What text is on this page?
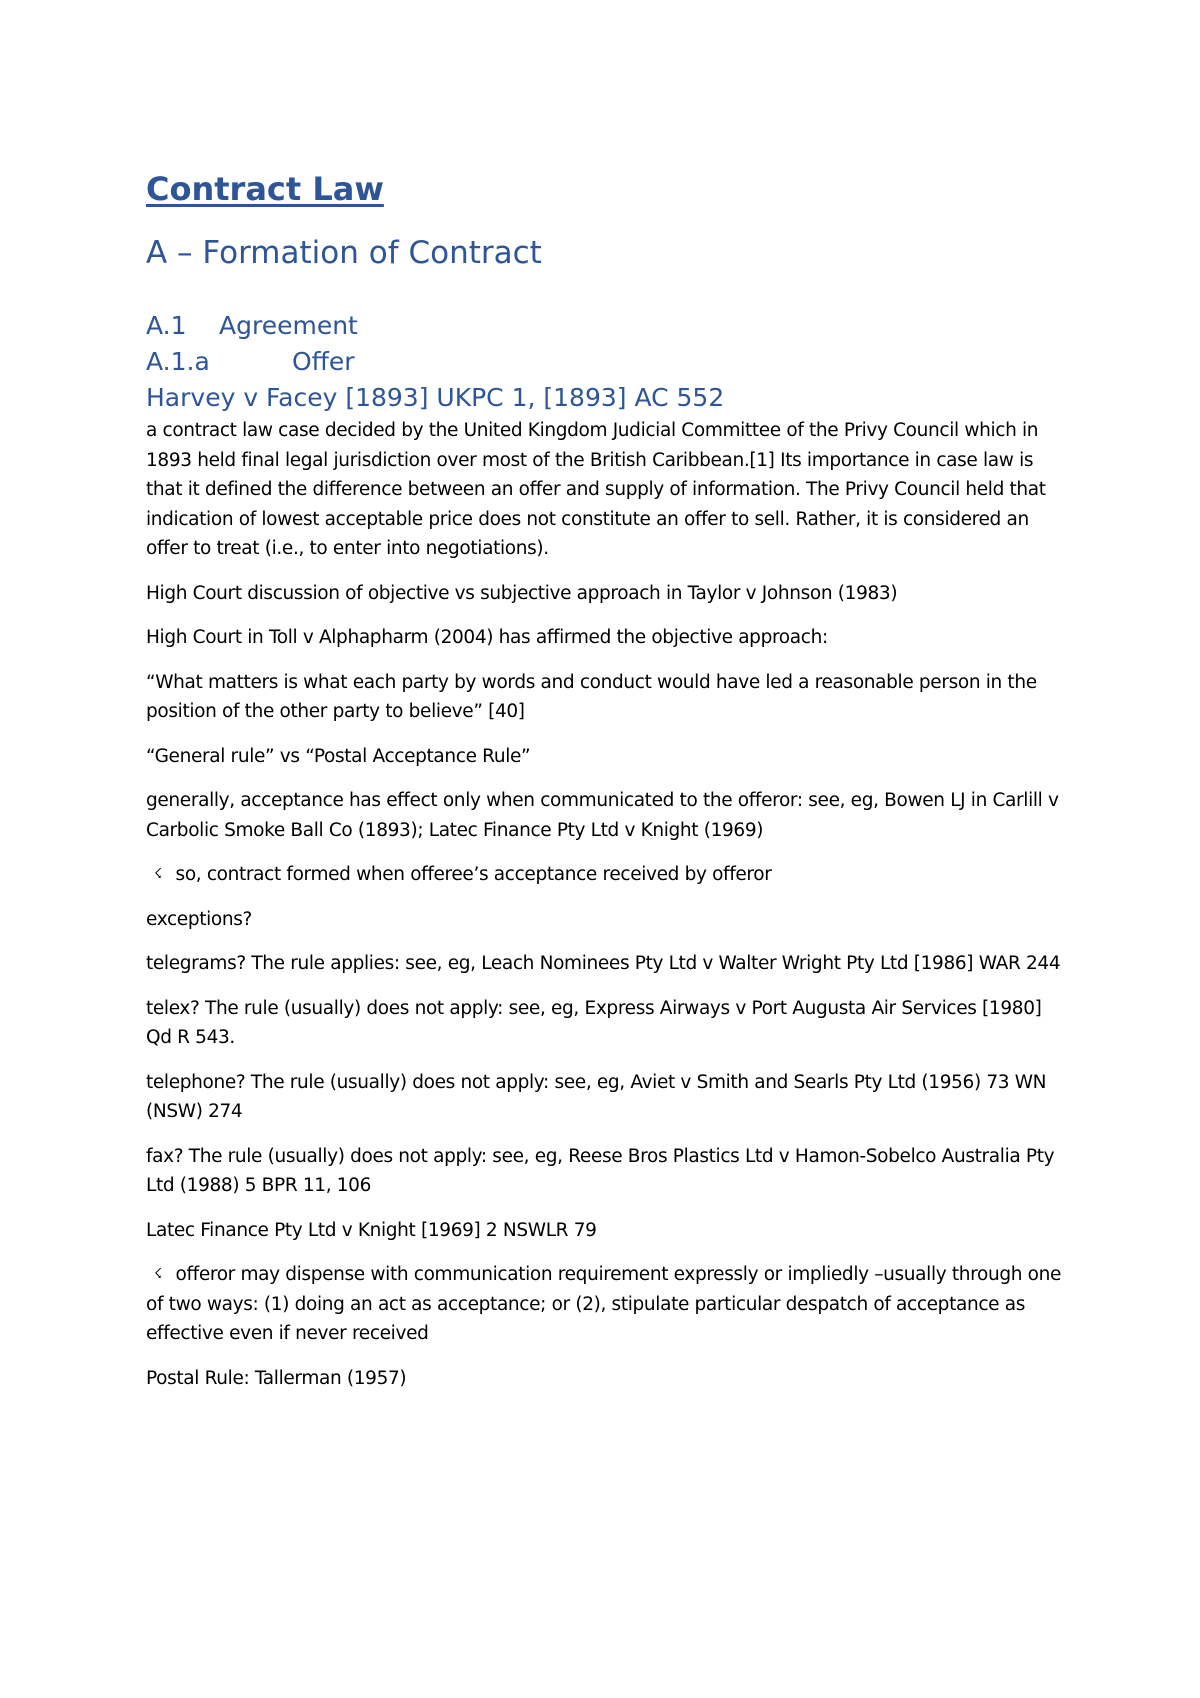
Contract Law
A – Formation of Contract
A.1 Agreement
A.1.a	Offer
Harvey v Facey [1893] UKPC 1, [1893] AC 552

a contract law case decided by the United Kingdom Judicial Committee of the Privy Council which in 1893 held final legal jurisdiction over most of the British Caribbean.[1] Its importance in case law is that it defined the difference between an offer and supply of information. The Privy Council held that indication of lowest acceptable price does not constitute an offer to sell. Rather, it is considered an offer to treat (i.e., to enter into negotiations).

High Court discussion of objective vs subjective approach in Taylor v Johnson (1983)

High Court in Toll v Alphapharm (2004) has affirmed the objective approach:

“What matters is what each party by words and conduct would have led a reasonable person in the position of the other party to believe” [40]

“General rule” vs “Postal Acceptance Rule”

generally, acceptance has effect only when communicated to the offeror: see, eg, Bowen LJ in Carlill v Carbolic Smoke Ball Co (1893); Latec Finance Pty Ltd v Knight (1969)

☇ so, contract formed when offeree’s acceptance received by offeror

exceptions?

telegrams? The rule applies: see, eg, Leach Nominees Pty Ltd v Walter Wright Pty Ltd [1986] WAR 244

telex? The rule (usually) does not apply: see, eg, Express Airways v Port Augusta Air Services [1980] Qd R 543.

telephone? The rule (usually) does not apply: see, eg, Aviet v Smith and Searls Pty Ltd (1956) 73 WN (NSW) 274

fax? The rule (usually) does not apply: see, eg, Reese Bros Plastics Ltd v Hamon-Sobelco Australia Pty Ltd (1988) 5 BPR 11, 106

Latec Finance Pty Ltd v Knight [1969] 2 NSWLR 79

☇ offeror may dispense with communication requirement expressly or impliedly –usually through one of two ways: (1) doing an act as acceptance; or (2), stipulate particular despatch of acceptance as effective even if never received

Postal Rule: Tallerman (1957)
